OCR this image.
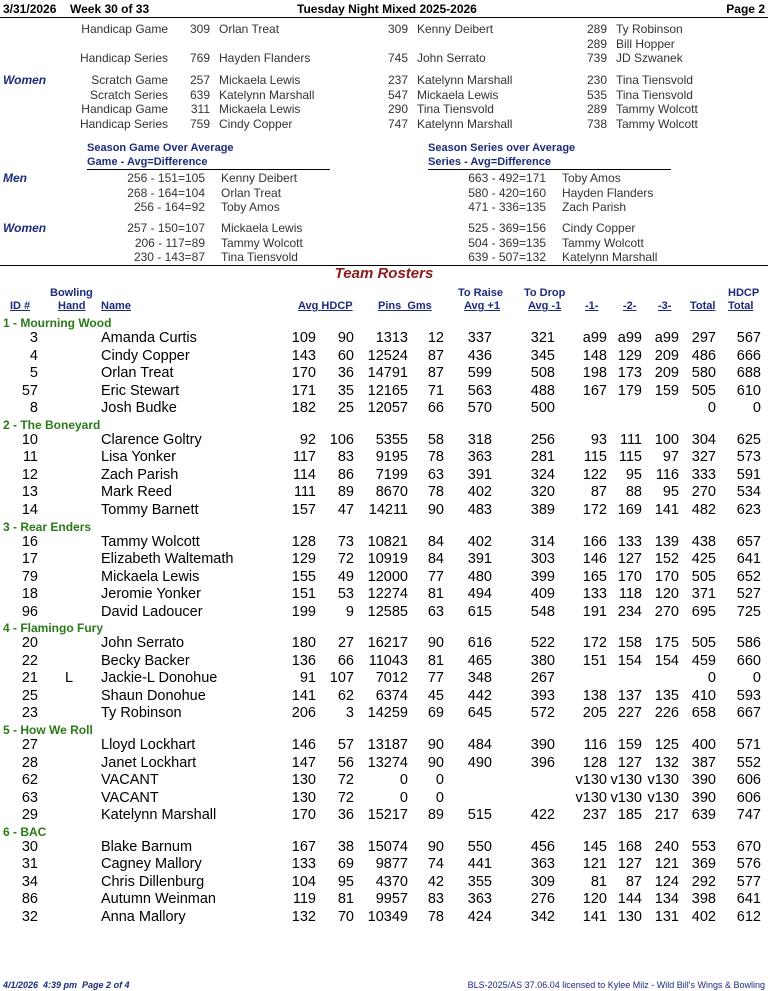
3/31/2026 Week 30 of 33	Tuesday Night Mixed 2025-2026	Page 2
Handicap Game 309 Orlan Treat	309 Kenny Deibert	289 Ty Robinson
289 Bill Hopper
Handicap Series 769 Hayden Flanders	745 John Serrato	739 JD Szwanek
Women	Scratch Game 257 Mickaela Lewis	237 Katelynn Marshall	230 Tina Tiensvold
Scratch Series 639 Katelynn Marshall	547 Mickaela Lewis	535 Tina Tiensvold
Handicap Game 311 Mickaela Lewis	290 Tina Tiensvold	289 Tammy Wolcott
Handicap Series 759 Cindy Copper	747 Katelynn Marshall	738 Tammy Wolcott
Season Game Over Average
Game - Avg=Difference
Season Series over Average
Series - Avg=Difference
Men
Women
256 - 151=105 Kenny Deibert	663 - 492=171 Toby Amos
268 - 164=104 Orlan Treat	580 - 420=160 Hayden Flanders
256 - 164=92 Toby Amos	471 - 336=135 Zach Parish
257 - 150=107 Mickaela Lewis	525 - 369=156 Cindy Copper
206 - 117=89 Tammy Wolcott	504 - 369=135 Tammy Wolcott
230 - 143=87 Tina Tiensvold	639 - 507=132 Katelynn Marshall
Team Rosters
Bowling
Hand
ID #	Name	Avg HDCP Pins  Gms
To Raise
Avg +1
To Drop
Avg -1 -1- -2- -3- Total
HDCP
Total
1 - Mourning Wood
3	Amanda Curtis	109 90 1313 12 337	321 a99 a99 a99 297 567
4	Cindy Copper	143 60 12524 87 436	345 148 129 209 486 666
5	Orlan Treat	170 36 14791 87 599	508 198 173 209 580 688
57	Eric Stewart	171 35 12165 71 563	488 167 179 159 505 610
8	Josh Budke	182 25 12057 66 570	500	0	0
2 - The Boneyard
10	Clarence Goltry	92 106 5355 58 318	256 93 111 100 304 625
11	Lisa Yonker	117 83 9195 78 363	281 115 115 97 327 573
12	Zach Parish	114 86 7199 63 391	324 122 95 116 333 591
13	Mark Reed	111 89 8670 78 402	320 87 88 95 270 534
14	Tommy Barnett	157 47 14211 90 483	389 172 169 141 482 623
3 - Rear Enders
16	Tammy Wolcott	128 73 10821 84 402	314 166 133 139 438 657
17	Elizabeth Waltemath	129 72 10919 84 391	303 146 127 152 425 641
79	Mickaela Lewis	155 49 12000 77 480	399 165 170 170 505 652
18	Jeromie Yonker	151 53 12274 81 494	409 133 118 120 371 527
96	David Ladoucer	199 9 12585 63 615	548 191 234 270 695 725
4 - Flamingo Fury
20	John Serrato	180 27 16217 90 616	522 172 158 175 505 586
22	Becky Backer	136 66 11043 81 465	380 151 154 154 459 660
21 L Jackie-L Donohue	91 107 7012 77 348	267	0	0
25	Shaun Donohue	141 62 6374 45 442	393 138 137 135 410 593
23	Ty Robinson	206 3 14259 69 645	572 205 227 226 658 667
5 - How We Roll
27	Lloyd Lockhart	146 57 13187 90 484	390 116 159 125 400 571
28	Janet Lockhart	147 56 13274 90 490	396 128 127 132 387 552
62	VACANT	130 72	0 0	v130 v130 v130 390 606
63	VACANT	130 72	0 0	v130 v130 v130 390 606
29	Katelynn Marshall	170 36 15217 89 515	422 237 185 217 639 747
6 - BAC
30	Blake Barnum	167 38 15074 90 550	456 145 168 240 553 670
31	Cagney Mallory	133 69 9877 74 441	363 121 127 121 369 576
34	Chris Dillenburg	104 95 4370 42 355	309 81 87 124 292 577
86	Autumn Weinman	119 81 9957 83 363	276 120 144 134 398 641
32	Anna Mallory	132 70 10349 78 424	342 141 130 131 402 612
4/1/2026  4:39 pm  Page 2 of 4	BLS-2025/AS 37.06.04 licensed to Kylee Milz - Wild Bill's Wings & Bowling
